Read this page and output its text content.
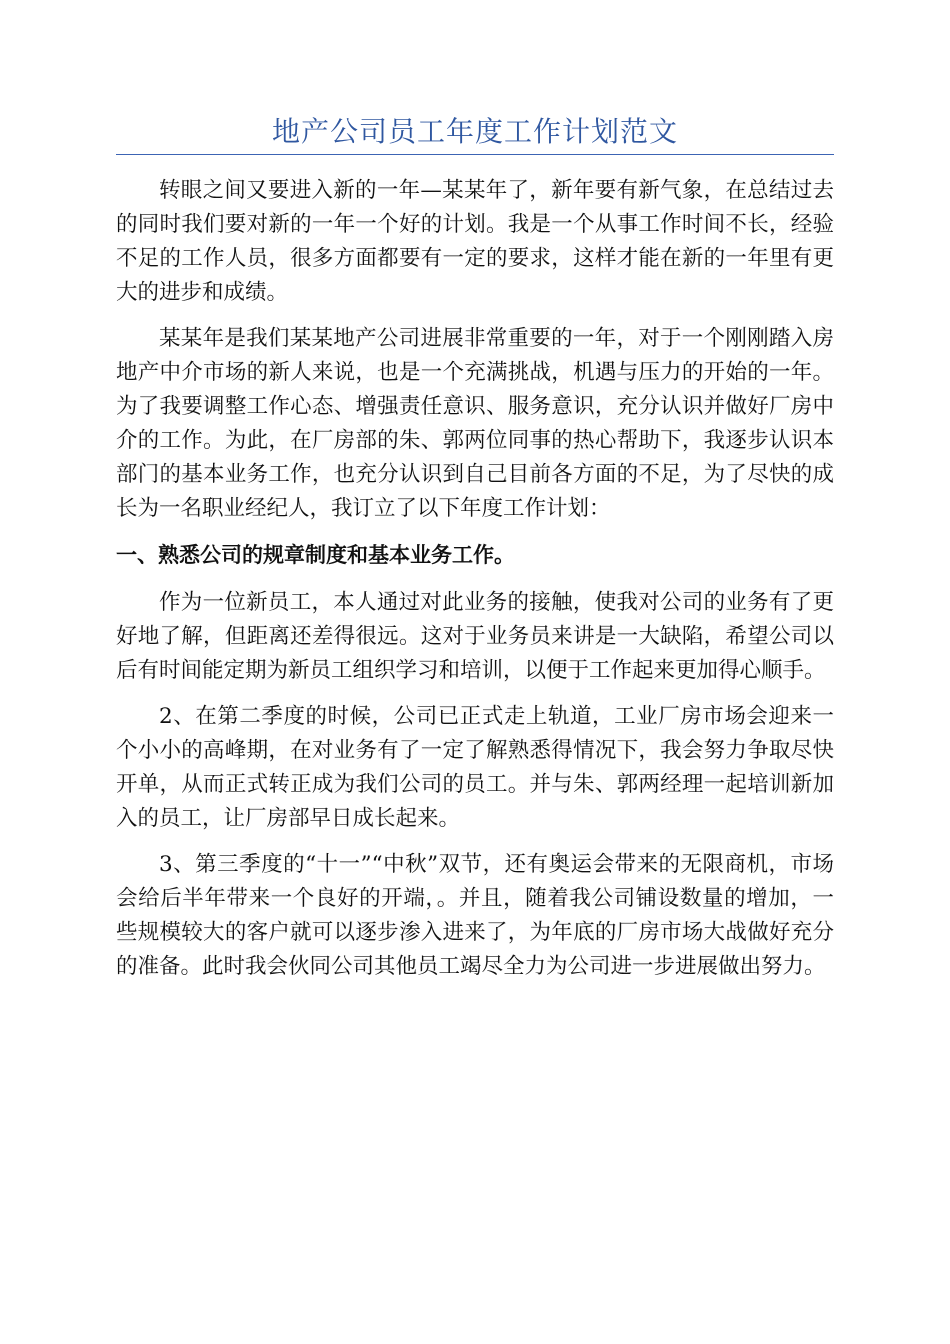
地产公司员工年度工作计划范文

转眼之间又要进入新的一年—某某年了，新年要有新气象，在总结过去的同时我们要对新的一年一个好的计划。我是一个从事工作时间不长，经验不足的工作人员，很多方面都要有一定的要求，这样才能在新的一年里有更大的进步和成绩。

某某年是我们某某地产公司进展非常重要的一年，对于一个刚刚踏入房地产中介市场的新人来说，也是一个充满挑战，机遇与压力的开始的一年。为了我要调整工作心态、增强责任意识、服务意识，充分认识并做好厂房中介的工作。为此，在厂房部的朱、郭两位同事的热心帮助下，我逐步认识本部门的基本业务工作，也充分认识到自己目前各方面的不足，为了尽快的成长为一名职业经纪人，我订立了以下年度工作计划：

一、熟悉公司的规章制度和基本业务工作。

作为一位新员工，本人通过对此业务的接触，使我对公司的业务有了更好地了解，但距离还差得很远。这对于业务员来讲是一大缺陷，希望公司以后有时间能定期为新员工组织学习和培训，以便于工作起来更加得心顺手。

2、在第二季度的时候，公司已正式走上轨道，工业厂房市场会迎来一个小小的高峰期，在对业务有了一定了解熟悉得情况下，我会努力争取尽快开单，从而正式转正成为我们公司的员工。并与朱、郭两经理一起培训新加入的员工，让厂房部早日成长起来。

3、第三季度的“十一”“中秋”双节，还有奥运会带来的无限商机，市场会给后半年带来一个良好的开端，。并且，随着我公司铺设数量的增加，一些规模较大的客户就可以逐步渗入进来了，为年底的厂房市场大战做好充分的准备。此时我会伙同公司其他员工竭尽全力为公司进一步进展做出努力。
